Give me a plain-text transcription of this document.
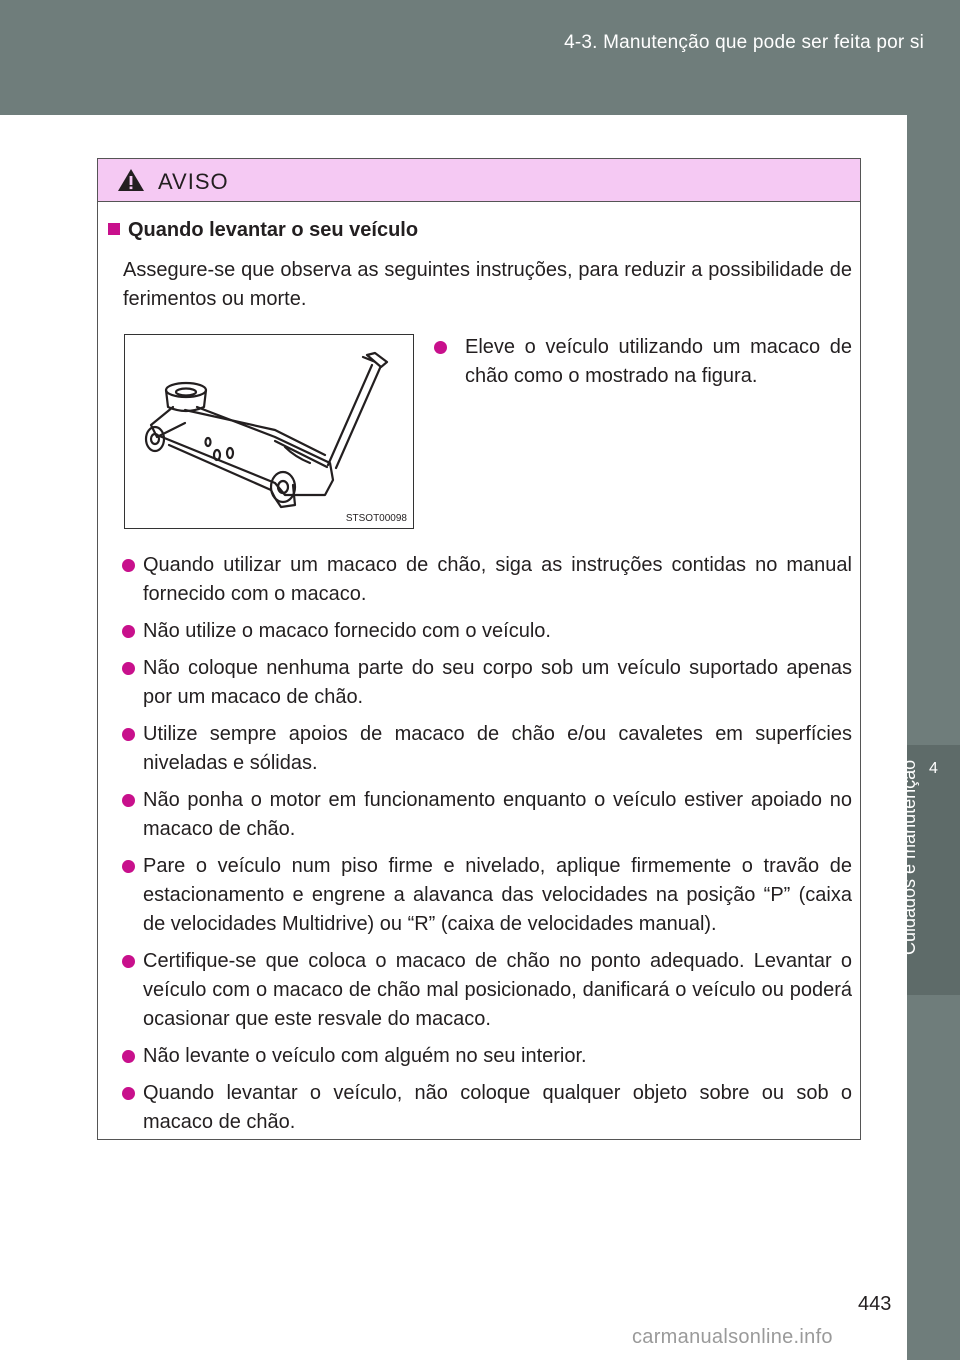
4-3. Manutenção que pode ser feita por si
4
Cuidados e manutenção
AVISO
Quando levantar o seu veículo
Assegure-se que observa as seguintes instruções, para reduzir a possibilidade de ferimentos ou morte.
STSOT00098
Eleve o veículo utilizando um macaco de chão como o mostrado na figura.
Quando utilizar um macaco de chão, siga as instruções contidas no manual fornecido com o macaco.
Não utilize o macaco fornecido com o veículo.
Não coloque nenhuma parte do seu corpo sob um veículo suportado apenas por um macaco de chão.
Utilize sempre apoios de macaco de chão e/ou cavaletes em superfícies niveladas e sólidas.
Não ponha o motor em funcionamento enquanto o veículo estiver apoiado no macaco de chão.
Pare o veículo num piso firme e nivelado, aplique firmemente o travão de estacionamento e engrene a alavanca das velocidades na posição “P” (caixa de velocidades Multidrive) ou “R” (caixa de velocidades manual).
Certifique-se que coloca o macaco de chão no ponto adequado. Levantar o veículo com o macaco de chão mal posicionado, danificará o veículo ou poderá ocasionar que este resvale do macaco.
Não levante o veículo com alguém no seu interior.
Quando levantar o veículo, não coloque qualquer objeto sobre ou sob o macaco de chão.
443
carmanualsonline.info
